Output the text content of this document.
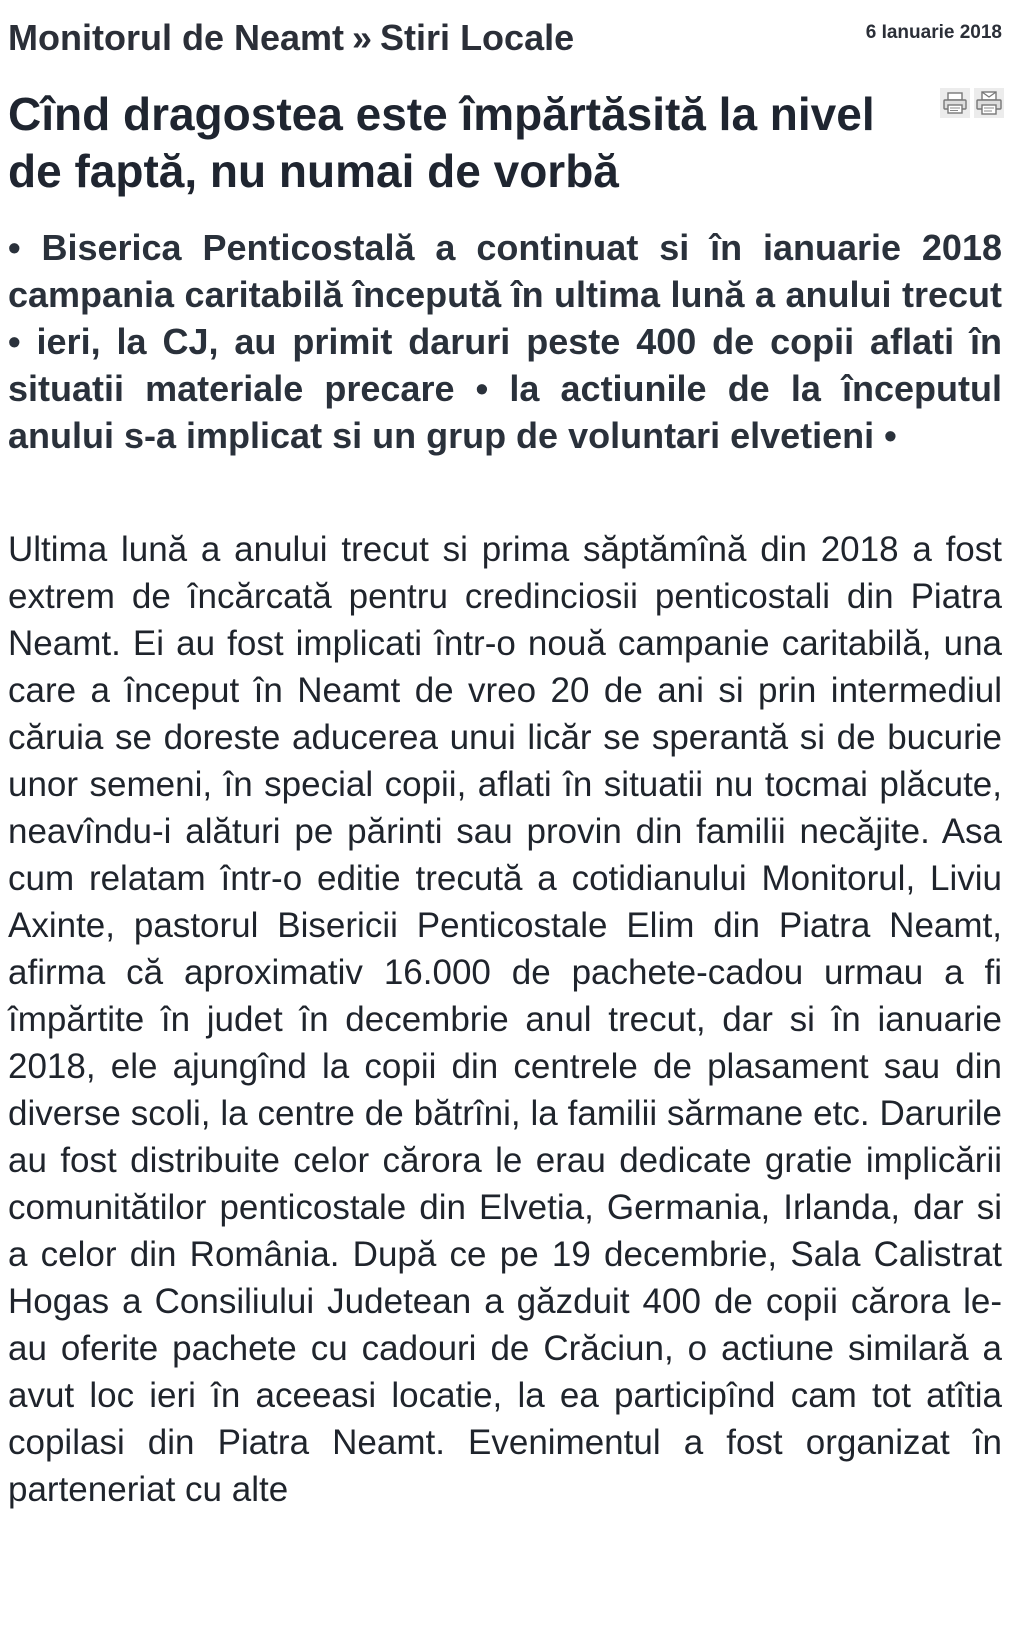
Monitorul de Neamt » Stiri Locale	6 Ianuarie 2018
Cînd dragostea este împărtăsită la nivel de faptă, nu numai de vorbă

• Biserica Penticostală a continuat si în ianuarie 2018 campania caritabilă începută în ultima lună a anului trecut • ieri, la CJ, au primit daruri peste 400 de copii aflati în situatii materiale precare • la actiunile de la începutul anului s-a implicat si un grup de voluntari elvetieni •

Ultima lună a anului trecut si prima săptămînă din 2018 a fost extrem de încărcată pentru credinciosii penticostali din Piatra Neamt. Ei au fost implicati într-o nouă campanie caritabilă, una care a început în Neamt de vreo 20 de ani si prin intermediul căruia se doreste aducerea unui licăr se sperantă si de bucurie unor semeni, în special copii, aflati în situatii nu tocmai plăcute, neavîndu-i alături pe părinti sau provin din familii necăjite. Asa cum relatam într-o editie trecută a cotidianului Monitorul, Liviu Axinte, pastorul Bisericii Penticostale Elim din Piatra Neamt, afirma că aproximativ 16.000 de pachete-cadou urmau a fi împărtite în judet în decembrie anul trecut, dar si în ianuarie 2018, ele ajungînd la copii din centrele de plasament sau din diverse scoli, la centre de bătrîni, la familii sărmane etc. Darurile au fost distribuite celor cărora le erau dedicate gratie implicării comunitătilor penticostale din Elvetia, Germania, Irlanda, dar si a celor din România. După ce pe 19 decembrie, Sala Calistrat Hogas a Consiliului Judetean a găzduit 400 de copii cărora le-au oferite pachete cu cadouri de Crăciun, o actiune similară a avut loc ieri în aceeasi locatie, la ea participînd cam tot atîtia copilasi din Piatra Neamt. Evenimentul a fost organizat în parteneriat cu alte
